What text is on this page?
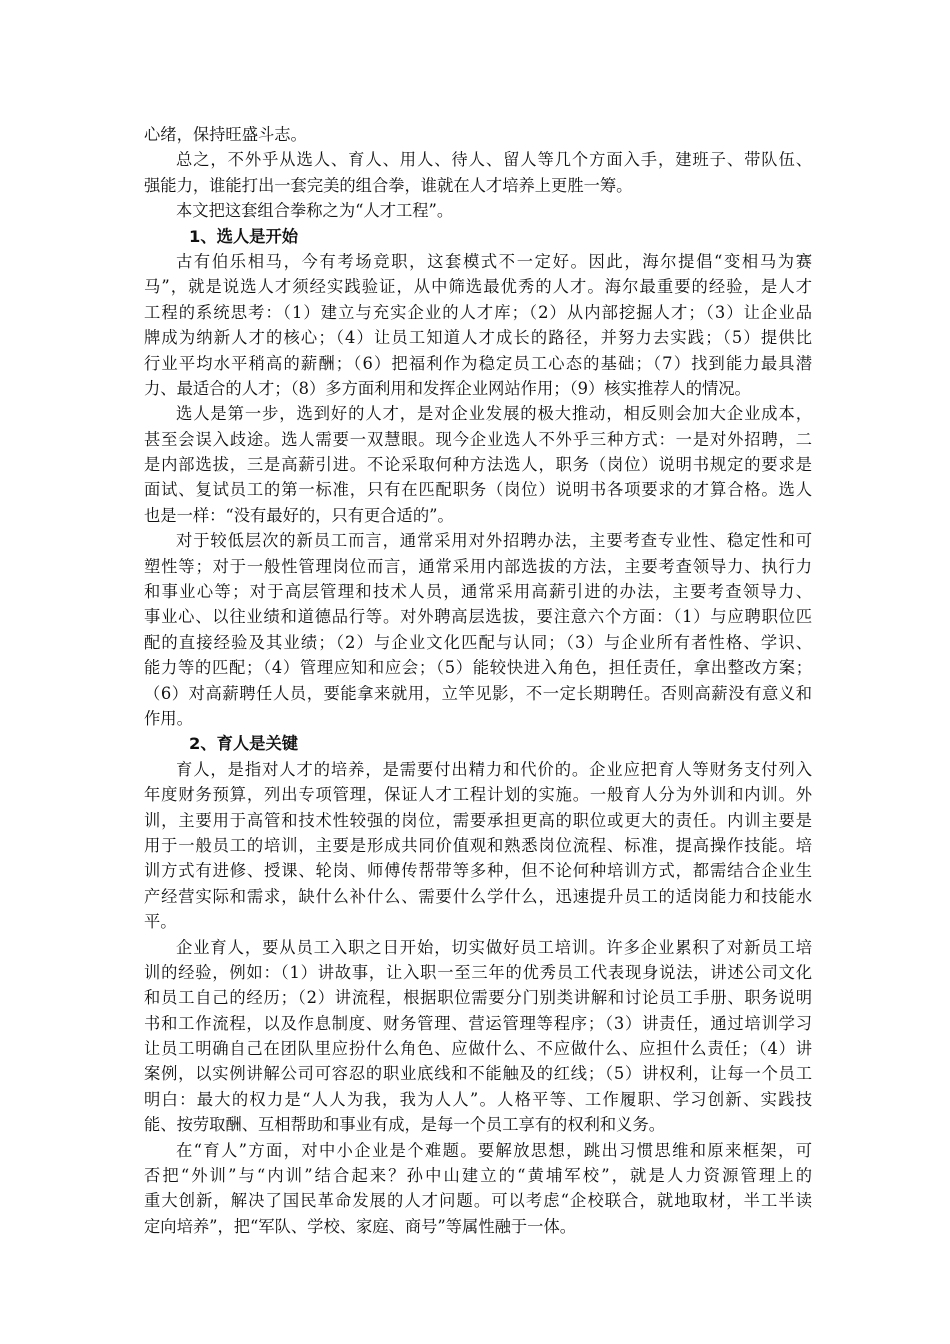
心绪，保持旺盛斗志。
总之，不外乎从选人、育人、用人、待人、留人等几个方面入手，建班子、带队伍、
强能力，谁能打出一套完美的组合拳，谁就在人才培养上更胜一筹。
本文把这套组合拳称之为“人才工程”。
1、选人是开始
古有伯乐相马，今有考场竞职，这套模式不一定好。因此，海尔提倡“变相马为赛
马”，就是说选人才须经实践验证，从中筛选最优秀的人才。海尔最重要的经验，是人才
工程的系统思考：（1）建立与充实企业的人才库；（2）从内部挖掘人才；（3）让企业品
牌成为纳新人才的核心；（4）让员工知道人才成长的路径，并努力去实践；（5）提供比
行业平均水平稍高的薪酬；（6）把福利作为稳定员工心态的基础；（7）找到能力最具潜
力、最适合的人才；（8）多方面利用和发挥企业网站作用；（9）核实推荐人的情况。
选人是第一步，选到好的人才，是对企业发展的极大推动，相反则会加大企业成本，
甚至会误入歧途。选人需要一双慧眼。现今企业选人不外乎三种方式：一是对外招聘，二
是内部选拔，三是高薪引进。不论采取何种方法选人，职务（岗位）说明书规定的要求是
面试、复试员工的第一标准，只有在匹配职务（岗位）说明书各项要求的才算合格。选人
也是一样：“没有最好的，只有更合适的”。
对于较低层次的新员工而言，通常采用对外招聘办法，主要考查专业性、稳定性和可
塑性等；对于一般性管理岗位而言，通常采用内部选拔的方法，主要考查领导力、执行力
和事业心等；对于高层管理和技术人员，通常采用高薪引进的办法，主要考查领导力、
事业心、以往业绩和道德品行等。对外聘高层选拔，要注意六个方面：（1）与应聘职位匹
配的直接经验及其业绩；（2）与企业文化匹配与认同；（3）与企业所有者性格、学识、
能力等的匹配；（4）管理应知和应会；（5）能较快进入角色，担任责任，拿出整改方案；
（6）对高薪聘任人员，要能拿来就用，立竿见影，不一定长期聘任。否则高薪没有意义和
作用。
2、育人是关键
育人，是指对人才的培养，是需要付出精力和代价的。企业应把育人等财务支付列入
年度财务预算，列出专项管理，保证人才工程计划的实施。一般育人分为外训和内训。外
训，主要用于高管和技术性较强的岗位，需要承担更高的职位或更大的责任。内训主要是
用于一般员工的培训，主要是形成共同价值观和熟悉岗位流程、标准，提高操作技能。培
训方式有进修、授课、轮岗、师傅传帮带等多种，但不论何种培训方式，都需结合企业生
产经营实际和需求，缺什么补什么、需要什么学什么，迅速提升员工的适岗能力和技能水
平。
企业育人，要从员工入职之日开始，切实做好员工培训。许多企业累积了对新员工培
训的经验，例如：（1）讲故事，让入职一至三年的优秀员工代表现身说法，讲述公司文化
和员工自己的经历；（2）讲流程，根据职位需要分门别类讲解和讨论员工手册、职务说明
书和工作流程，以及作息制度、财务管理、营运管理等程序；（3）讲责任，通过培训学习
让员工明确自己在团队里应扮什么角色、应做什么、不应做什么、应担什么责任；（4）讲
案例，以实例讲解公司可容忍的职业底线和不能触及的红线；（5）讲权利，让每一个员工
明白：最大的权力是“人人为我，我为人人”。人格平等、工作履职、学习创新、实践技
能、按劳取酬、互相帮助和事业有成，是每一个员工享有的权利和义务。
在“育人”方面，对中小企业是个难题。要解放思想，跳出习惯思维和原来框架，可
否把“外训”与“内训”结合起来？孙中山建立的“黄埔军校”，就是人力资源管理上的
重大创新，解决了国民革命发展的人才问题。可以考虑“企校联合，就地取材，半工半读
定向培养”，把“军队、学校、家庭、商号”等属性融于一体。
